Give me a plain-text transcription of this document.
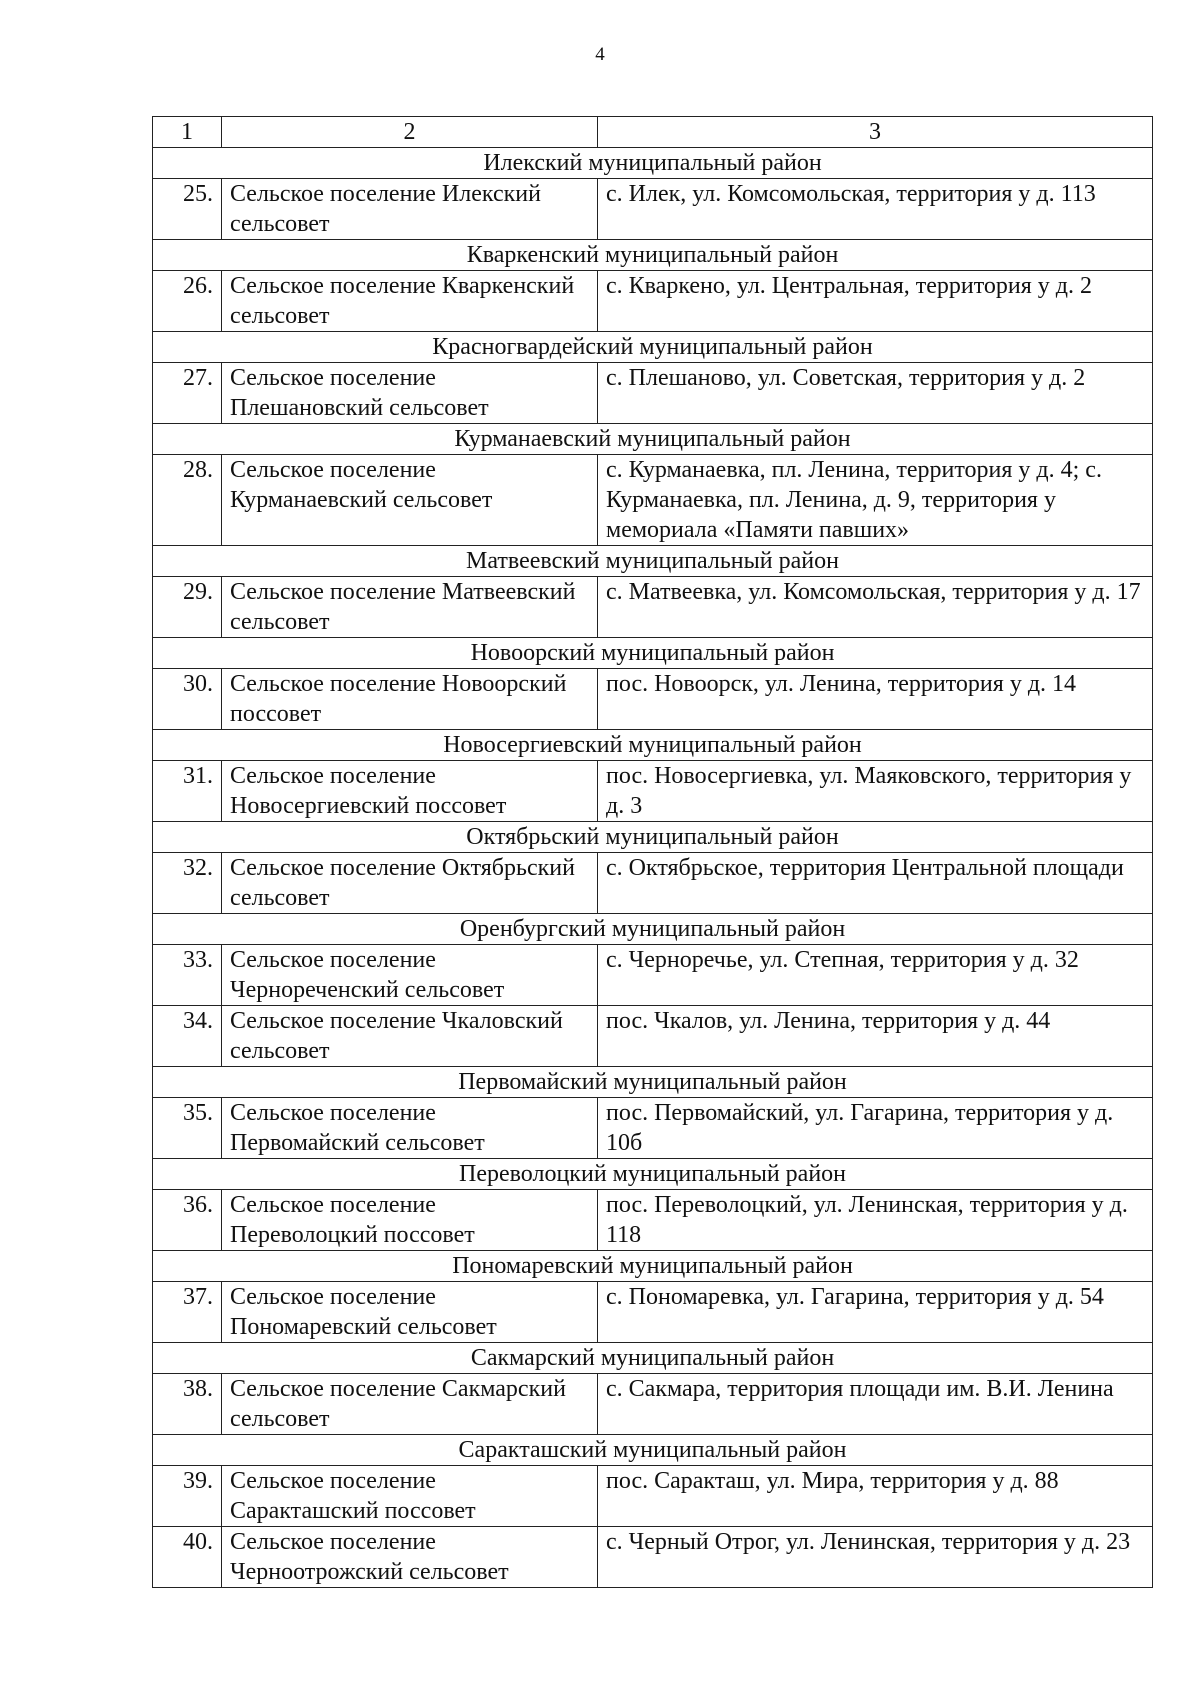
4
1	2	3
Илекский муниципальный район		
25.	Сельское поселение Илекский сельсовет	с. Илек, ул. Комсомольская, территория у д. 113
Кваркенский муниципальный район		
26.	Сельское поселение Кваркенский сельсовет	с. Кваркено, ул. Центральная, территория у д. 2
Красногвардейский муниципальный район		
27.	Сельское поселение Плешановский сельсовет	с. Плешаново, ул. Советская, территория у д. 2
Курманаевский муниципальный район		
28.	Сельское поселение Курманаевский сельсовет	с. Курманаевка, пл. Ленина, территория у д. 4; с. Курманаевка, пл. Ленина, д. 9, территория у мемориала «Памяти павших»
Матвеевский муниципальный район		
29.	Сельское поселение Матвеевский сельсовет	с. Матвеевка, ул. Комсомольская, территория у д. 17
Новоорский муниципальный район		
30.	Сельское поселение Новоорский поссовет	пос. Новоорск, ул. Ленина, территория у д. 14
Новосергиевский муниципальный район		
31.	Сельское поселение Новосергиевский поссовет	пос. Новосергиевка, ул. Маяковского, территория у д. 3
Октябрьский муниципальный район		
32.	Сельское поселение Октябрьский сельсовет	с. Октябрьское, территория Центральной площади
Оренбургский муниципальный район		
33.	Сельское поселение Чернореченский сельсовет	с. Черноречье, ул. Степная, территория у д. 32
34.	Сельское поселение Чкаловский сельсовет	пос. Чкалов, ул. Ленина, территория у д. 44
Первомайский муниципальный район		
35.	Сельское поселение Первомайский сельсовет	пос. Первомайский, ул. Гагарина, территория у д. 10б
Переволоцкий муниципальный район		
36.	Сельское поселение Переволоцкий поссовет	пос. Переволоцкий, ул. Ленинская, территория у д. 118
Пономаревский муниципальный район		
37.	Сельское поселение Пономаревский сельсовет	с. Пономаревка, ул. Гагарина, территория у д. 54
Сакмарский муниципальный район		
38.	Сельское поселение Сакмарский сельсовет	с. Сакмара, территория площади им. В.И. Ленина
Саракташский муниципальный район		
39.	Сельское поселение Саракташский поссовет	пос. Саракташ, ул. Мира, территория у д. 88
40.	Сельское поселение Черноотрожский сельсовет	с. Черный Отрог, ул. Ленинская, территория у д. 23
